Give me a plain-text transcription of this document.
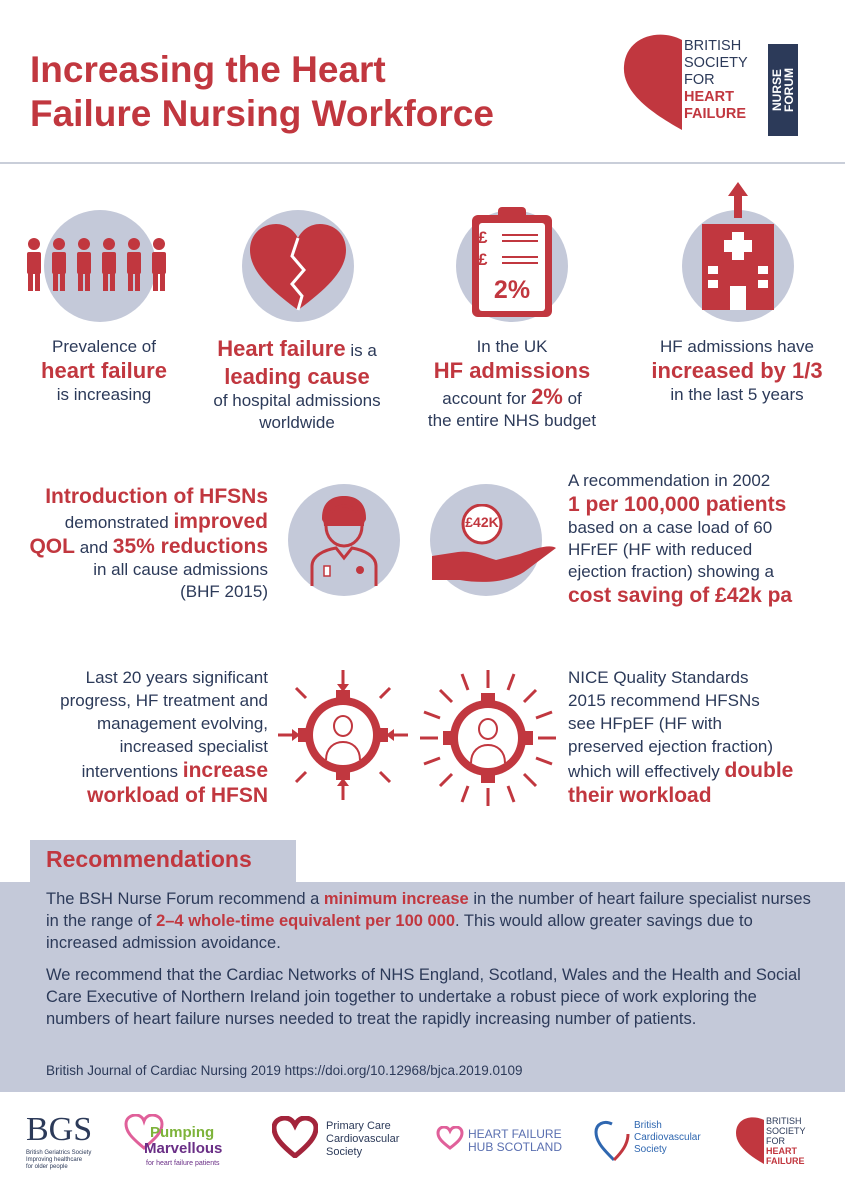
Increasing the Heart
Failure Nursing Workforce
BRITISH
SOCIETY
FOR
HEART
FAILURE
NURSE
FORUM
Prevalence of
heart failure
is increasing
Heart failure is a
leading cause
of hospital admissions
worldwide
£
£
2%
In the UK
HF admissions
account for 2% of
the entire NHS budget
HF admissions have
increased by 1/3
in the last 5 years
Introduction of HFSNs
demonstrated improved
QOL and 35% reductions
in all cause admissions
(BHF 2015)
£42K
A recommendation in 2002
1 per 100,000 patients
based on a case load of 60
HFrEF (HF with reduced
ejection fraction) showing a
cost saving of £42k pa
Last 20 years significant
progress, HF treatment and
management evolving,
increased specialist
interventions increase
workload of HFSN
NICE Quality Standards
2015 recommend HFSNs
see HFpEF (HF with
preserved ejection fraction)
which will effectively double
their workload
Recommendations
The BSH Nurse Forum recommend a minimum increase in the number of heart failure specialist nurses in the range of 2–4 whole-time equivalent per 100 000. This would allow greater savings due to increased admission avoidance.
We recommend that the Cardiac Networks of NHS England, Scotland, Wales and the Health and Social Care Executive of Northern Ireland join together to undertake a robust piece of work exploring the numbers of heart failure nurses needed to treat the rapidly increasing number of patients.
British Journal of Cardiac Nursing 2019 https://doi.org/10.12968/bjca.2019.0109
BGS
British Geriatrics Society
Improving healthcare
for older people
Pumping
Marvellous
for heart failure patients
Primary Care
Cardiovascular
Society
HEART FAILURE
HUB SCOTLAND
British
Cardiovascular
Society
BRITISH
SOCIETY
FOR
HEART
FAILURE
